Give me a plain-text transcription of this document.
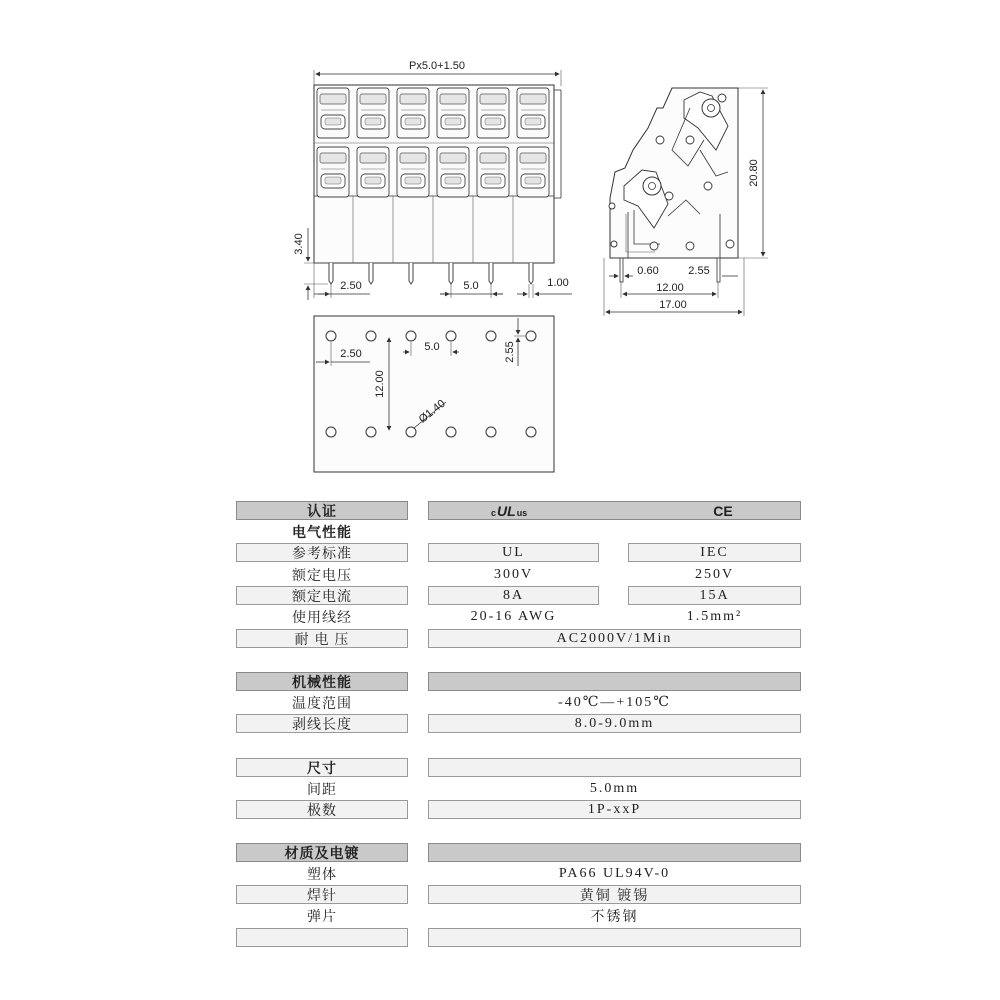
Px5.0+1.50
3.40
2.50	5.0	1.00
20.80
0.60	2.55
12.00
17.00
2.50
5.0	2.55
12.00
Ø1.40
认证	cULus	CE
电气性能
参考标准	UL	IEC
额定电压	300V	250V
额定电流	8A	15A
使用线经	20-16 AWG	1.5mm²
耐 电 压	AC2000V/1Min
机械性能
温度范围	-40℃—+105℃
剥线长度	8.0-9.0mm
尺寸
间距	5.0mm
极数	1P-xxP
材质及电镀
塑体	PA66 UL94V-0
焊针	黄铜 镀锡
弹片	不锈钢
